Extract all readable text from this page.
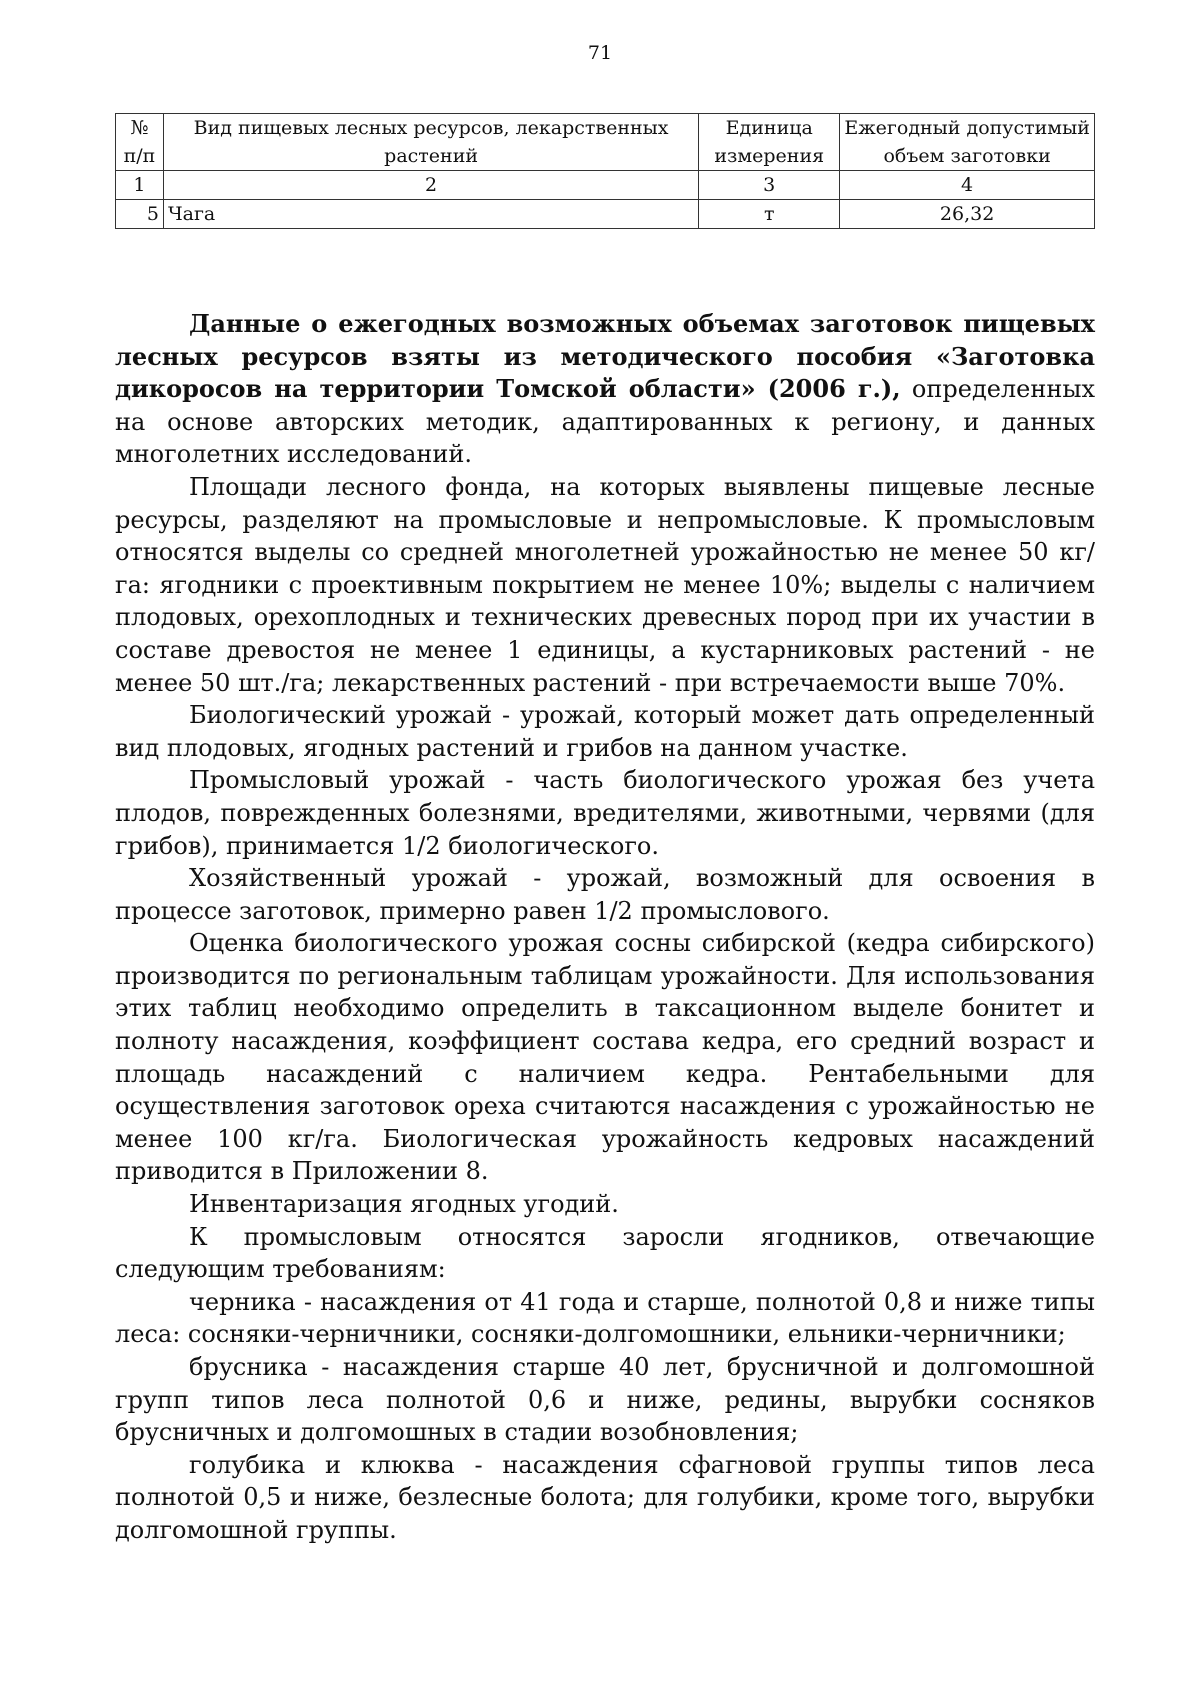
71
№ п/п	Вид пищевых лесных ресурсов, лекарственных растений	Единица измерения	Ежегодный допустимый объем заготовки
1	2	3	4
5	Чага	т	26,32

Данные о ежегодных возможных объемах заготовок пищевых лесных ресурсов взяты из методического пособия «Заготовка дикоросов на территории Томской области» (2006 г.), определенных на основе авторских методик, адаптированных к региону, и данных многолетних исследований.

Площади лесного фонда, на которых выявлены пищевые лесные ресурсы, разделяют на промысловые и непромысловые. К промысловым относятся выделы со средней многолетней урожайностью не менее 50 кг/га: ягодники с проективным покрытием не менее 10%; выделы с наличием плодовых, орехоплодных и технических древесных пород при их участии в составе древостоя не менее 1 единицы, а кустарниковых растений - не менее 50 шт./га; лекарственных растений - при встречаемости выше 70%.

Биологический урожай - урожай, который может дать определенный вид плодовых, ягодных растений и грибов на данном участке.

Промысловый урожай - часть биологического урожая без учета плодов, поврежденных болезнями, вредителями, животными, червями (для грибов), принимается 1/2 биологического.

Хозяйственный урожай - урожай, возможный для освоения в процессе заготовок, примерно равен 1/2 промыслового.

Оценка биологического урожая сосны сибирской (кедра сибирского) производится по региональным таблицам урожайности. Для использования этих таблиц необходимо определить в таксационном выделе бонитет и полноту насаждения, коэффициент состава кедра, его средний возраст и площадь насаждений с наличием кедра. Рентабельными для осуществления заготовок ореха считаются насаждения с урожайностью не менее 100 кг/га. Биологическая урожайность кедровых насаждений приводится в Приложении 8.

Инвентаризация ягодных угодий.

К промысловым относятся заросли ягодников, отвечающие следующим требованиям:

черника - насаждения от 41 года и старше, полнотой 0,8 и ниже типы леса: сосняки-черничники, сосняки-долгомошники, ельники-черничники;

брусника - насаждения старше 40 лет, брусничной и долгомошной групп типов леса полнотой 0,6 и ниже, редины, вырубки сосняков брусничных и долгомошных в стадии возобновления;

голубика и клюква - насаждения сфагновой группы типов леса полнотой 0,5 и ниже, безлесные болота; для голубики, кроме того, вырубки долгомошной группы.
